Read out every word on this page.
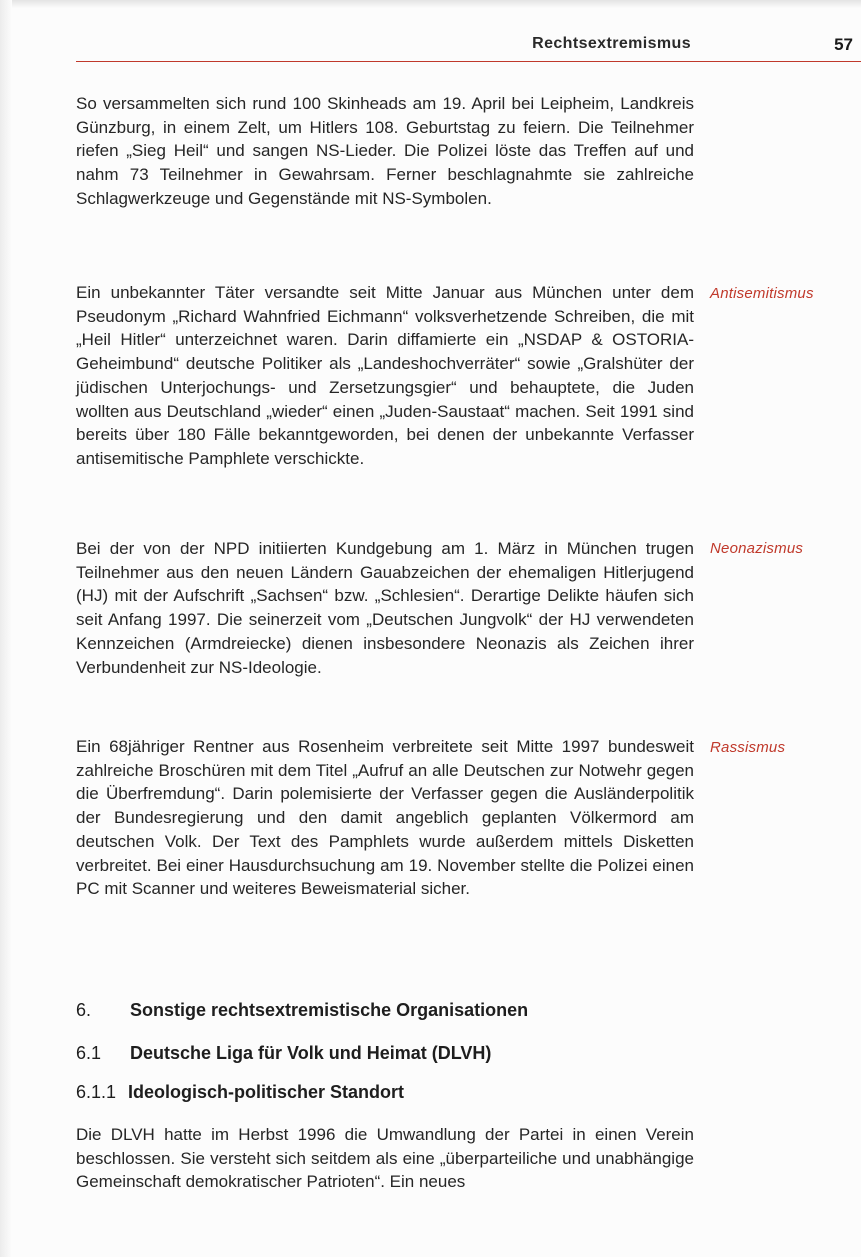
Rechtsextremismus	57

So versammelten sich rund 100 Skinheads am 19. April bei Leipheim, Landkreis Günzburg, in einem Zelt, um Hitlers 108. Geburtstag zu feiern. Die Teilnehmer riefen „Sieg Heil“ und sangen NS-Lieder. Die Polizei löste das Treffen auf und nahm 73 Teilnehmer in Gewahrsam. Ferner beschlagnahmte sie zahlreiche Schlagwerkzeuge und Gegenstände mit NS-Symbolen.

Ein unbekannter Täter versandte seit Mitte Januar aus München unter dem Pseudonym „Richard Wahnfried Eichmann“ volksverhetzende Schreiben, die mit „Heil Hitler“ unterzeichnet waren. Darin diffamierte ein „NSDAP & OSTORIA-Geheimbund“ deutsche Politiker als „Landeshochverräter“ sowie „Gralshüter der jüdischen Unterjochungs- und Zersetzungsgier“ und behauptete, die Juden wollten aus Deutschland „wieder“ einen „Juden-Saustaat“ machen. Seit 1991 sind bereits über 180 Fälle bekanntgeworden, bei denen der unbekannte Verfasser antisemitische Pamphlete verschickte.

Bei der von der NPD initiierten Kundgebung am 1. März in München trugen Teilnehmer aus den neuen Ländern Gauabzeichen der ehemaligen Hitlerjugend (HJ) mit der Aufschrift „Sachsen“ bzw. „Schlesien“. Derartige Delikte häufen sich seit Anfang 1997. Die seinerzeit vom „Deutschen Jungvolk“ der HJ verwendeten Kennzeichen (Armdreiecke) dienen insbesondere Neonazis als Zeichen ihrer Verbundenheit zur NS-Ideologie.

Ein 68jähriger Rentner aus Rosenheim verbreitete seit Mitte 1997 bundesweit zahlreiche Broschüren mit dem Titel „Aufruf an alle Deutschen zur Notwehr gegen die Überfremdung“. Darin polemisierte der Verfasser gegen die Ausländerpolitik der Bundesregierung und den damit angeblich geplanten Völkermord am deutschen Volk. Der Text des Pamphlets wurde außerdem mittels Disketten verbreitet. Bei einer Hausdurchsuchung am 19. November stellte die Polizei einen PC mit Scanner und weiteres Beweismaterial sicher.

Antisemitismus
Neonazismus
Rassismus
6. Sonstige rechtsextremistische Organisationen
6.1 Deutsche Liga für Volk und Heimat (DLVH)
6.1.1 Ideologisch-politischer Standort

Die DLVH hatte im Herbst 1996 die Umwandlung der Partei in einen Verein beschlossen. Sie versteht sich seitdem als eine „überparteiliche und unabhängige Gemeinschaft demokratischer Patrioten“. Ein neues
